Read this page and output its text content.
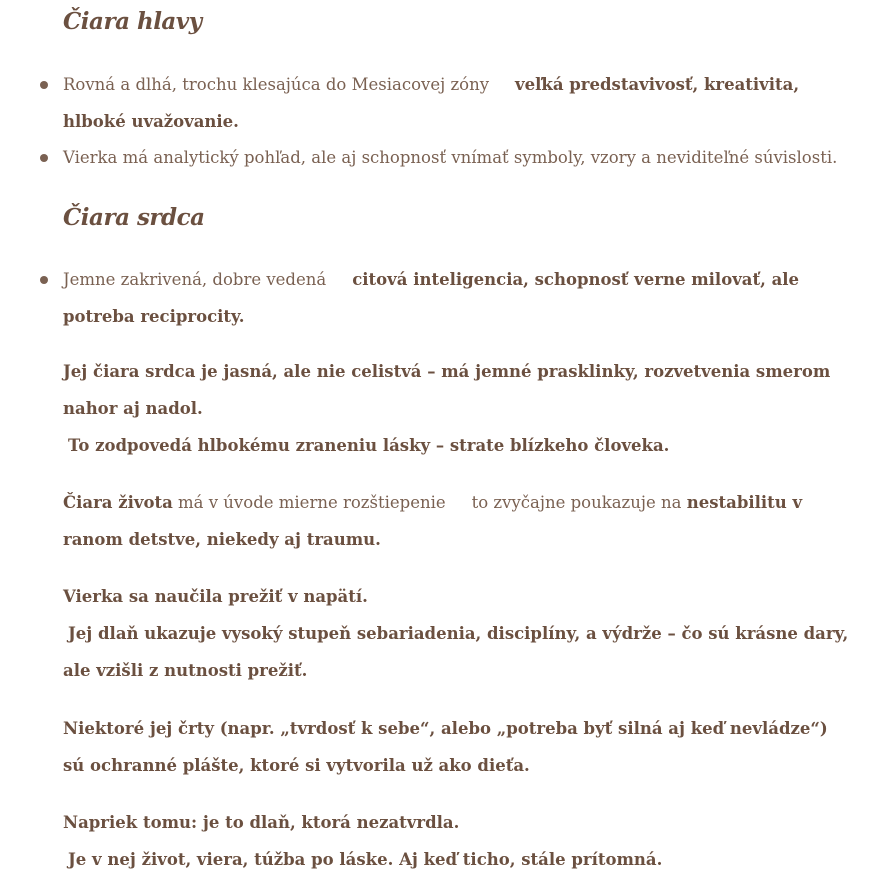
Čiara hlavy
Rovná a dlhá, trochu klesajúca do Mesiacovej zóny veľká predstavivosť, kreativita, hlboké uvažovanie.
Vierka má analytický pohľad, ale aj schopnosť vnímať symboly, vzory a neviditeľné súvislosti.
Čiara srdca
Jemne zakrivená, dobre vedená citová inteligencia, schopnosť verne milovať, ale potreba reciprocity.
Jej čiara srdca je jasná, ale nie celistvá – má jemné prasklinky, rozvetvenia smerom nahor aj nadol.
To zodpovedá hlbokému zraneniu lásky – strate blízkeho človeka.
Čiara života má v úvode mierne rozštiepenie to zvyčajne poukazuje na nestabilitu v ranom detstve, niekedy aj traumu.
Vierka sa naučila prežiť v napätí.
Jej dlaň ukazuje vysoký stupeň sebariadenia, disciplíny, a výdrže – čo sú krásne dary, ale vzišli z nutnosti prežiť.
Niektoré jej črty (napr. „tvrdosť k sebe“, alebo „potreba byť silná aj keď nevládze“) sú ochranné plášte, ktoré si vytvorila už ako dieťa.
Napriek tomu: je to dlaň, ktorá nezatvrdla.
Je v nej život, viera, túžba po láske. Aj keď ticho, stále prítomná.
